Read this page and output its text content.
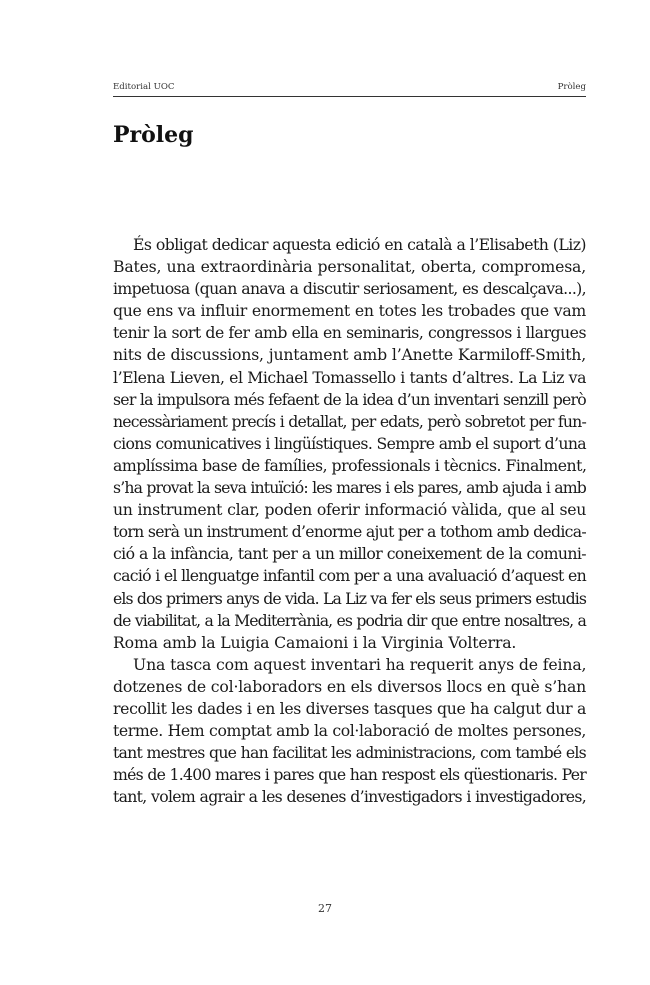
Editorial UOC	Pròleg
Pròleg
És obligat dedicar aquesta edició en català a l’Elisabeth (Liz)
Bates, una extraordinària personalitat, oberta, compromesa,
impetuosa (quan anava a discutir seriosament, es descalçava...),
que ens va influir enormement en totes les trobades que vam
tenir la sort de fer amb ella en seminaris, congressos i llargues
nits de discussions, juntament amb l’Anette Karmiloff-Smith,
l’Elena Lieven, el Michael Tomassello i tants d’altres. La Liz va
ser la impulsora més fefaent de la idea d’un inventari senzill però
necessàriament precís i detallat, per edats, però sobretot per fun-
cions comunicatives i lingüístiques. Sempre amb el suport d’una
amplíssima base de famílies, professionals i tècnics. Finalment,
s’ha provat la seva intuïció: les mares i els pares, amb ajuda i amb
un instrument clar, poden oferir informació vàlida, que al seu
torn serà un instrument d’enorme ajut per a tothom amb dedica-
ció a la infància, tant per a un millor coneixement de la comuni-
cació i el llenguatge infantil com per a una avaluació d’aquest en
els dos primers anys de vida. La Liz va fer els seus primers estudis
de viabilitat, a la Mediterrània, es podria dir que entre nosaltres, a
Roma amb la Luigia Camaioni i la Virginia Volterra.
Una tasca com aquest inventari ha requerit anys de feina,
dotzenes de col·laboradors en els diversos llocs en què s’han
recollit les dades i en les diverses tasques que ha calgut dur a
terme. Hem comptat amb la col·laboració de moltes persones,
tant mestres que han facilitat les administracions, com també els
més de 1.400 mares i pares que han respost els qüestionaris. Per
tant, volem agrair a les desenes d’investigadors i investigadores,
27
